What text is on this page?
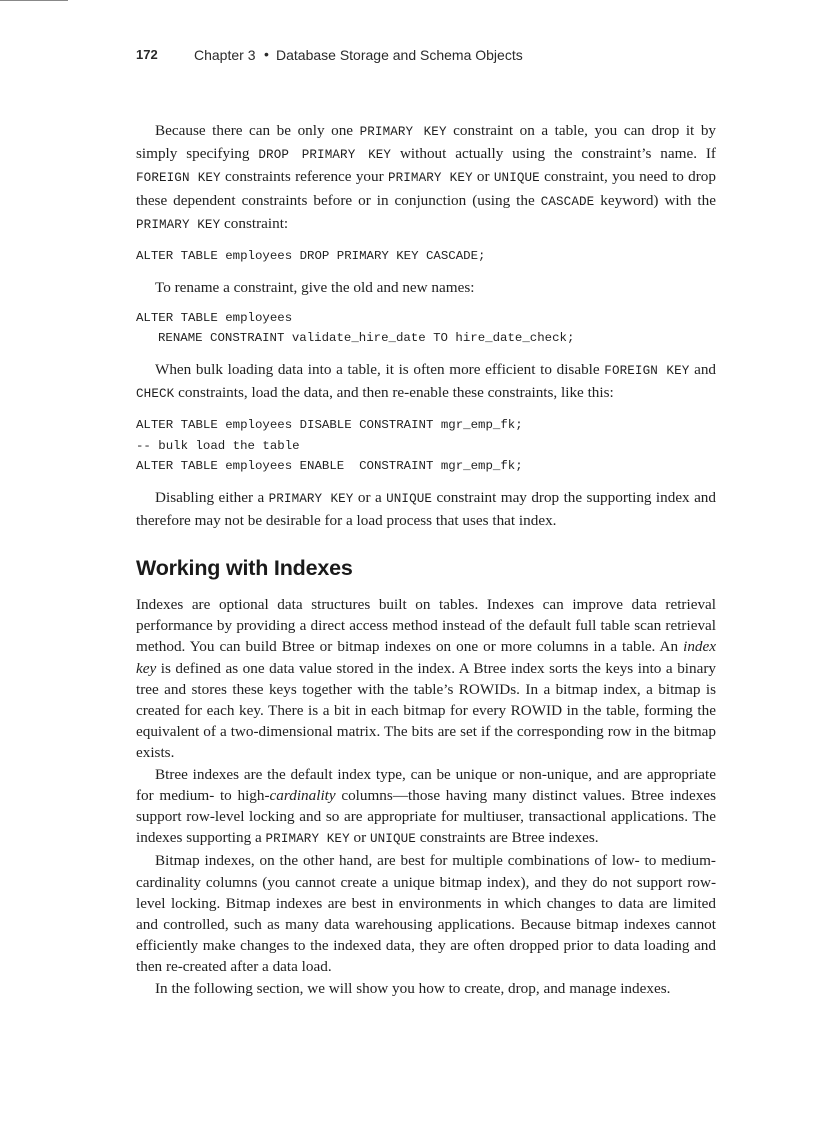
172	Chapter 3 • Database Storage and Schema Objects

Because there can be only one PRIMARY KEY constraint on a table, you can drop it by simply specifying DROP PRIMARY KEY without actually using the constraint’s name. If FOREIGN KEY constraints reference your PRIMARY KEY or UNIQUE constraint, you need to drop these dependent constraints before or in conjunction (using the CASCADE keyword) with the PRIMARY KEY constraint:

ALTER TABLE employees DROP PRIMARY KEY CASCADE;

To rename a constraint, give the old and new names:

ALTER TABLE employees
RENAME CONSTRAINT validate_hire_date TO hire_date_check;

When bulk loading data into a table, it is often more efficient to disable FOREIGN KEY and CHECK constraints, load the data, and then re-enable these constraints, like this:

ALTER TABLE employees DISABLE CONSTRAINT mgr_emp_fk;
-- bulk load the table
ALTER TABLE employees ENABLE  CONSTRAINT mgr_emp_fk;

Disabling either a PRIMARY KEY or a UNIQUE constraint may drop the supporting index and therefore may not be desirable for a load process that uses that index.

Working with Indexes

Indexes are optional data structures built on tables. Indexes can improve data retrieval performance by providing a direct access method instead of the default full table scan retrieval method. You can build Btree or bitmap indexes on one or more columns in a table. An index key is defined as one data value stored in the index. A Btree index sorts the keys into a binary tree and stores these keys together with the table’s ROWIDs. In a bitmap index, a bitmap is created for each key. There is a bit in each bitmap for every ROWID in the table, forming the equivalent of a two-dimensional matrix. The bits are set if the corresponding row in the bitmap exists.

Btree indexes are the default index type, can be unique or non-unique, and are appropriate for medium- to high-cardinality columns—those having many distinct values. Btree indexes support row-level locking and so are appropriate for multiuser, transactional applications. The indexes supporting a PRIMARY KEY or UNIQUE constraints are Btree indexes.

Bitmap indexes, on the other hand, are best for multiple combinations of low- to medium-cardinality columns (you cannot create a unique bitmap index), and they do not support row-level locking. Bitmap indexes are best in environments in which changes to data are limited and controlled, such as many data warehousing applications. Because bitmap indexes cannot efficiently make changes to the indexed data, they are often dropped prior to data loading and then re-created after a data load.

In the following section, we will show you how to create, drop, and manage indexes.
